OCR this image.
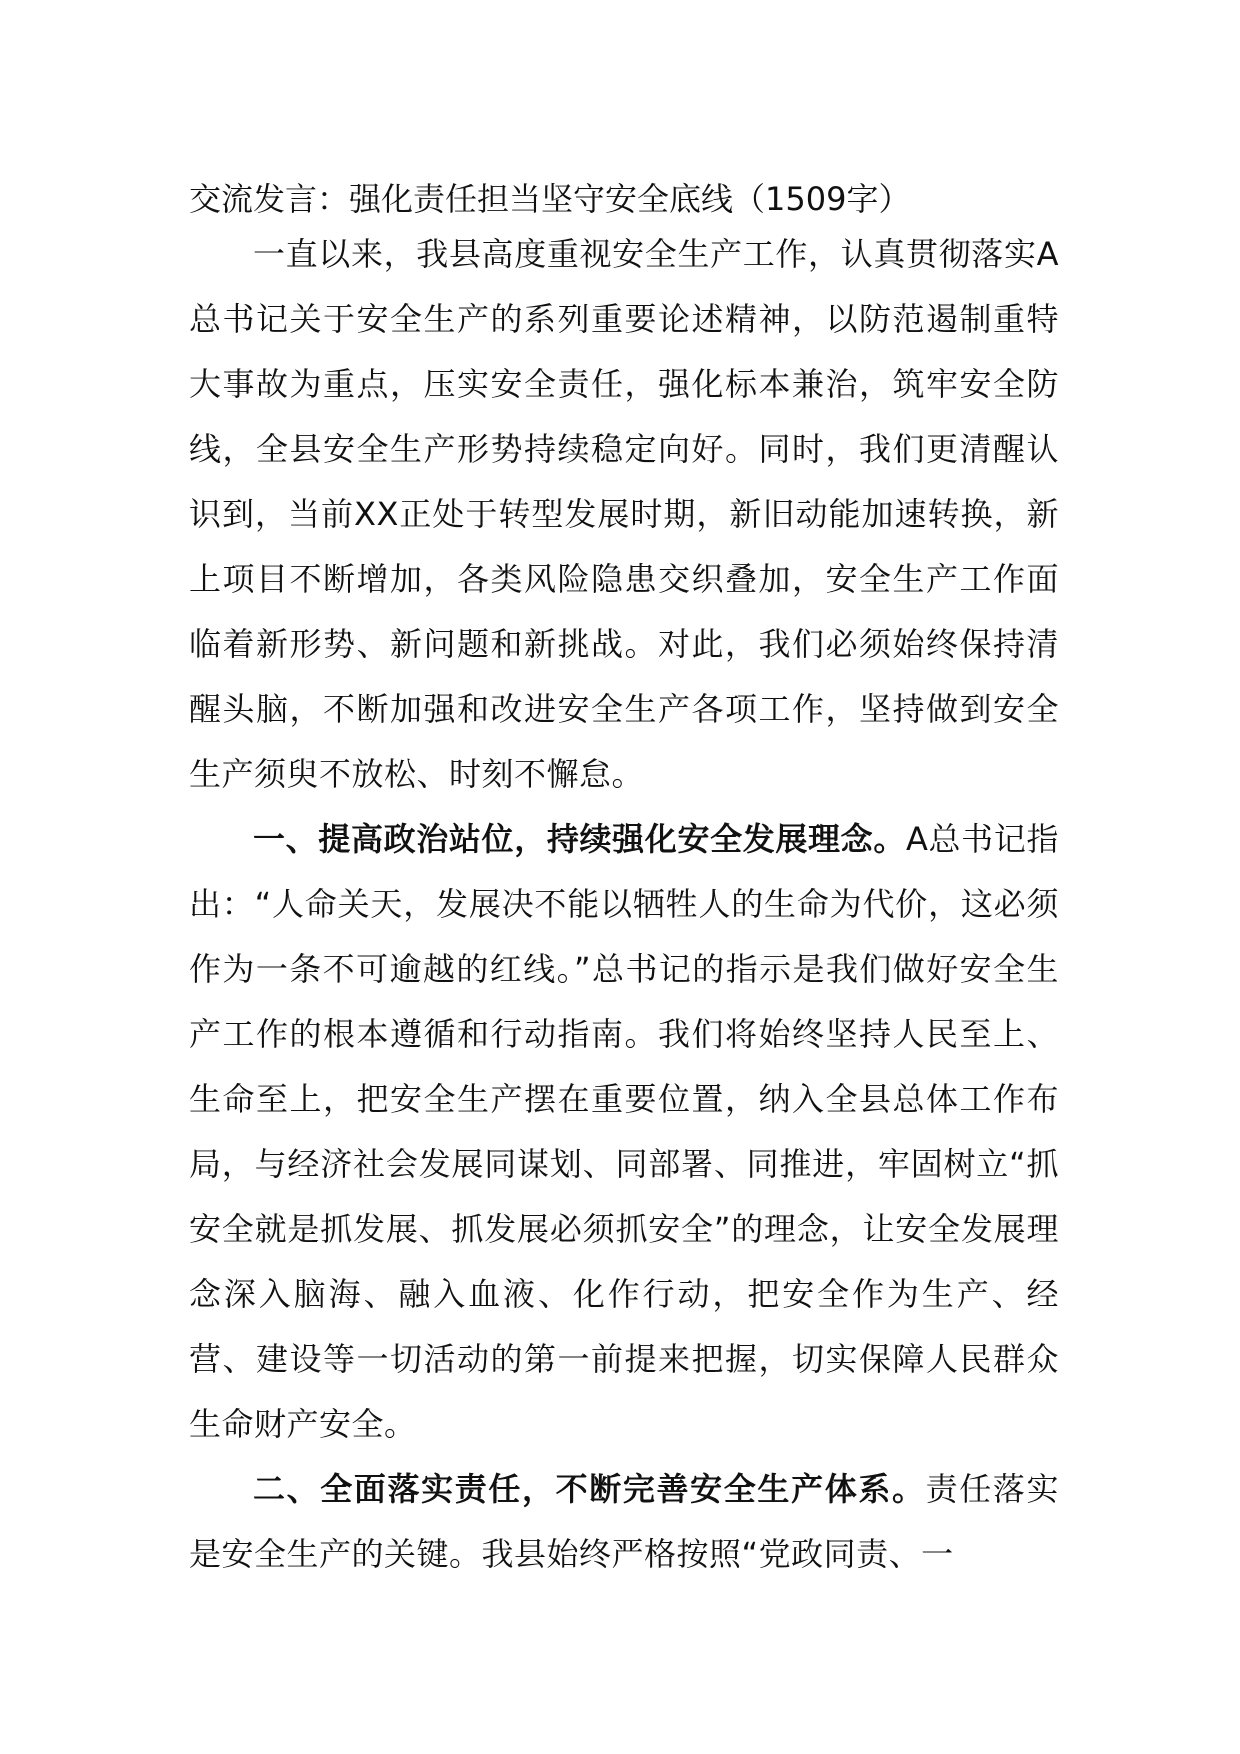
交流发言：强化责任担当坚守安全底线（1509字）

一直以来，我县高度重视安全生产工作，认真贯彻落实A总书记关于安全生产的系列重要论述精神，以防范遏制重特大事故为重点，压实安全责任，强化标本兼治，筑牢安全防线，全县安全生产形势持续稳定向好。同时，我们更清醒认识到，当前XX正处于转型发展时期，新旧动能加速转换，新上项目不断增加，各类风险隐患交织叠加，安全生产工作面临着新形势、新问题和新挑战。对此，我们必须始终保持清醒头脑，不断加强和改进安全生产各项工作，坚持做到安全生产须臾不放松、时刻不懈怠。

一、提高政治站位，持续强化安全发展理念。A总书记指出：“人命关天，发展决不能以牺牲人的生命为代价，这必须作为一条不可逾越的红线。”总书记的指示是我们做好安全生产工作的根本遵循和行动指南。我们将始终坚持人民至上、生命至上，把安全生产摆在重要位置，纳入全县总体工作布局，与经济社会发展同谋划、同部署、同推进，牢固树立“抓安全就是抓发展、抓发展必须抓安全”的理念，让安全发展理念深入脑海、融入血液、化作行动，把安全作为生产、经营、建设等一切活动的第一前提来把握，切实保障人民群众生命财产安全。

二、全面落实责任，不断完善安全生产体系。责任落实是安全生产的关键。我县始终严格按照“党政同责、一
